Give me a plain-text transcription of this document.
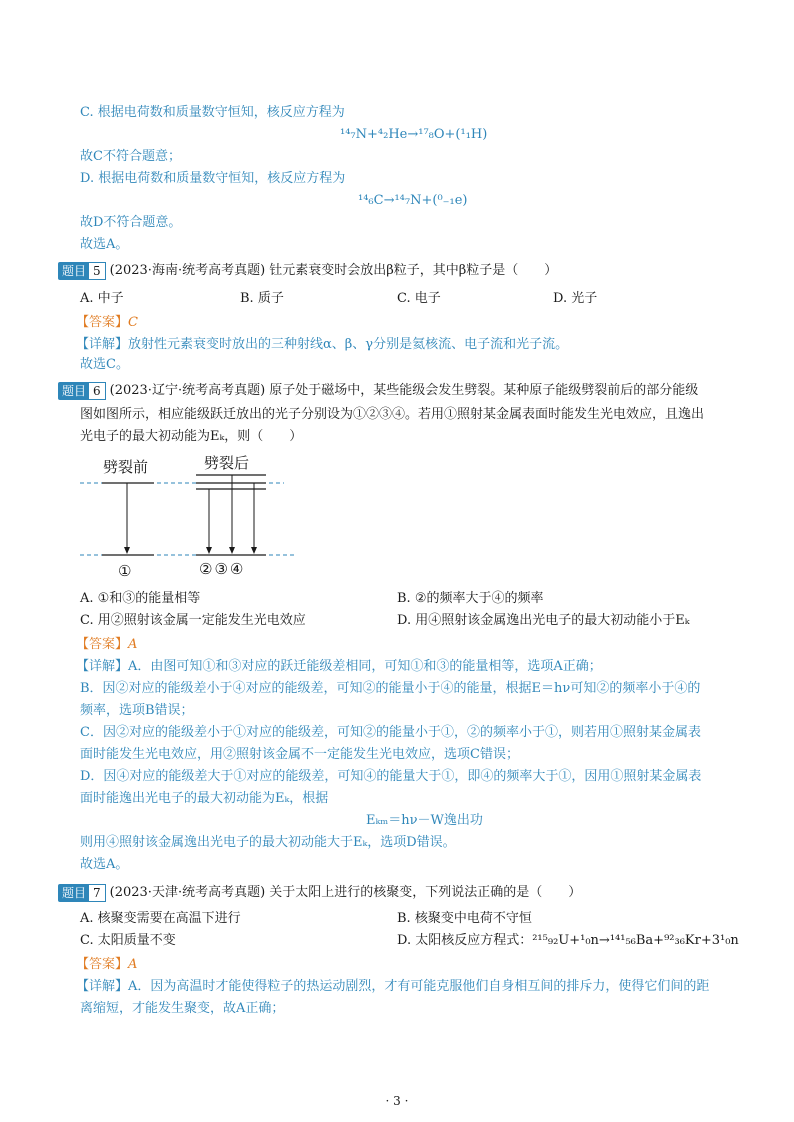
C. 根据电荷数和质量数守恒知，核反应方程为
¹⁴₇N+⁴₂He→¹⁷₈O+(¹₁H)
故C不符合题意；
D. 根据电荷数和质量数守恒知，核反应方程为
¹⁴₆C→¹⁴₇N+(⁰₋₁e)
故D不符合题意。
故选A。
题目 5 (2023·海南·统考高考真题) 钍元素衰变时会放出β粒子，其中β粒子是（　　）
A. 中子	B. 质子	C. 电子	D. 光子
【答案】C
【详解】放射性元素衰变时放出的三种射线α、β、γ分别是氦核流、电子流和光子流。
故选C。
题目 6 (2023·辽宁·统考高考真题) 原子处于磁场中，某些能级会发生劈裂。某种原子能级劈裂前后的部分能级
图如图所示，相应能级跃迁放出的光子分别设为①②③④。若用①照射某金属表面时能发生光电效应，且逸出
光电子的最大初动能为Eₖ，则（　　）
劈裂前	劈裂后
①	②③④
A. ①和③的能量相等	B. ②的频率大于④的频率
C. 用②照射该金属一定能发生光电效应	D. 用④照射该金属逸出光电子的最大初动能小于Eₖ
【答案】A
【详解】A．由图可知①和③对应的跃迁能级差相同，可知①和③的能量相等，选项A正确；
B．因②对应的能级差小于④对应的能级差，可知②的能量小于④的能量，根据E＝hν可知②的频率小于④的
频率，选项B错误；
C．因②对应的能级差小于①对应的能级差，可知②的能量小于①，②的频率小于①，则若用①照射某金属表
面时能发生光电效应，用②照射该金属不一定能发生光电效应，选项C错误；
D．因④对应的能级差大于①对应的能级差，可知④的能量大于①，即④的频率大于①，因用①照射某金属表
面时能逸出光电子的最大初动能为Eₖ，根据
Eₖₘ＝hν－W逸出功
则用④照射该金属逸出光电子的最大初动能大于Eₖ，选项D错误。
故选A。
题目 7 (2023·天津·统考高考真题) 关于太阳上进行的核聚变，下列说法正确的是（　　）
A. 核聚变需要在高温下进行	B. 核聚变中电荷不守恒
C. 太阳质量不变	D. 太阳核反应方程式：²¹⁵₉₂U+¹₀n→¹⁴¹₅₆Ba+⁹²₃₆Kr+3¹₀n
【答案】A
【详解】A．因为高温时才能使得粒子的热运动剧烈，才有可能克服他们自身相互间的排斥力，使得它们间的距
离缩短，才能发生聚变，故A正确；
· 3 ·
